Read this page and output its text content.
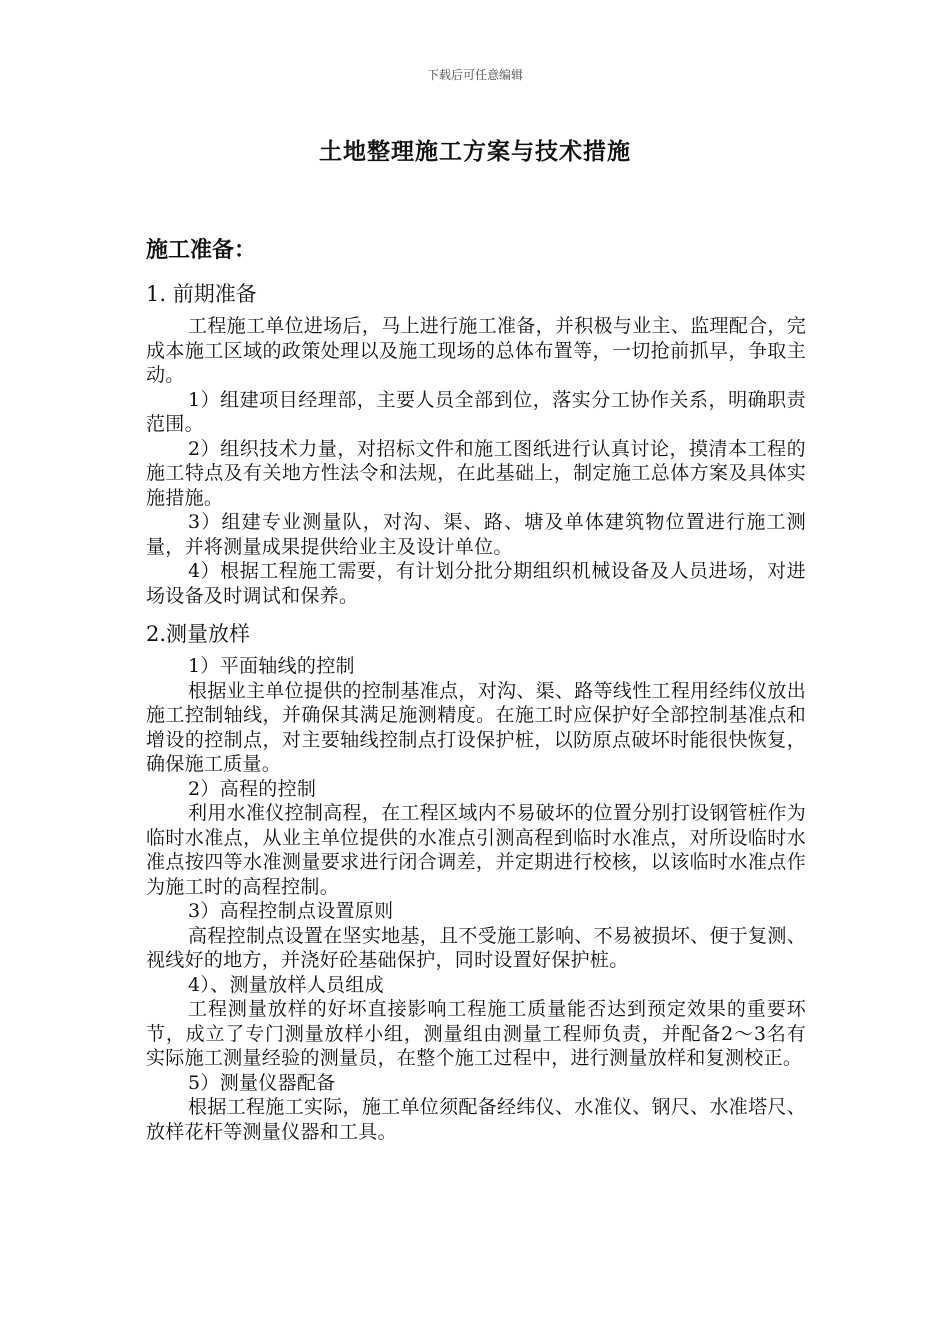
下载后可任意编辑
土地整理施工方案与技术措施
施工准备：
1. 前期准备

工程施工单位进场后，马上进行施工准备，并积极与业主、监理配合，完成本施工区域的政策处理以及施工现场的总体布置等，一切抢前抓早，争取主动。

1）组建项目经理部，主要人员全部到位，落实分工协作关系，明确职责范围。

2）组织技术力量，对招标文件和施工图纸进行认真讨论，摸清本工程的施工特点及有关地方性法令和法规，在此基础上，制定施工总体方案及具体实施措施。

3）组建专业测量队，对沟、渠、路、塘及单体建筑物位置进行施工测量，并将测量成果提供给业主及设计单位。

4）根据工程施工需要，有计划分批分期组织机械设备及人员进场，对进场设备及时调试和保养。

2.测量放样

1）平面轴线的控制

根据业主单位提供的控制基准点，对沟、渠、路等线性工程用经纬仪放出施工控制轴线，并确保其满足施测精度。在施工时应保护好全部控制基准点和增设的控制点，对主要轴线控制点打设保护桩，以防原点破坏时能很快恢复，确保施工质量。

2）高程的控制

利用水准仪控制高程，在工程区域内不易破坏的位置分别打设钢管桩作为临时水准点，从业主单位提供的水准点引测高程到临时水准点，对所设临时水准点按四等水准测量要求进行闭合调差，并定期进行校核，以该临时水准点作为施工时的高程控制。

3）高程控制点设置原则

高程控制点设置在坚实地基，且不受施工影响、不易被损坏、便于复测、视线好的地方，并浇好砼基础保护，同时设置好保护桩。

4）、测量放样人员组成

工程测量放样的好坏直接影响工程施工质量能否达到预定效果的重要环节，成立了专门测量放样小组，测量组由测量工程师负责，并配备2～3名有实际施工测量经验的测量员，在整个施工过程中，进行测量放样和复测校正。

5）测量仪器配备

根据工程施工实际，施工单位须配备经纬仪、水准仪、钢尺、水准塔尺、放样花杆等测量仪器和工具。
